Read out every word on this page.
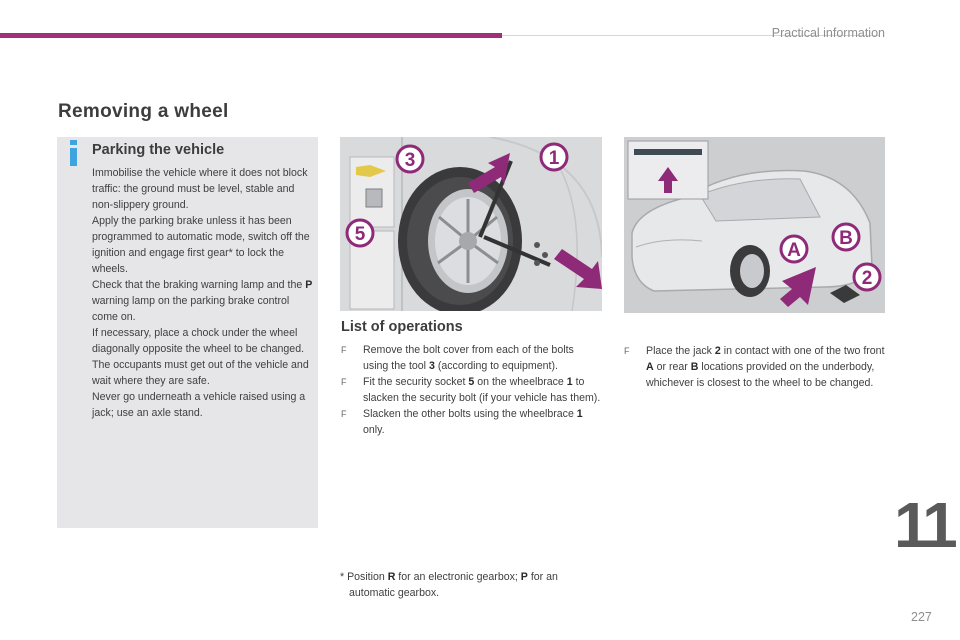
Practical information
Removing a wheel
Parking the vehicle

Immobilise the vehicle where it does not block traffic: the ground must be level, stable and non-slippery ground.

Apply the parking brake unless it has been programmed to automatic mode, switch off the ignition and engage first gear* to lock the wheels.

Check that the braking warning lamp and the P warning lamp on the parking brake control come on.

If necessary, place a chock under the wheel diagonally opposite the wheel to be changed.

The occupants must get out of the vehicle and wait where they are safe.

Never go underneath a vehicle raised using a jack; use an axle stand.

3	1
5
A
B
2
List of operations
F Remove the bolt cover from each of the bolts using the tool 3 (according to equipment).
F Fit the security socket 5 on the wheelbrace 1 to slacken the security bolt (if your vehicle has them).
F Slacken the other bolts using the wheelbrace 1 only.
F Place the jack 2 in contact with one of the two front A or rear B locations provided on the underbody, whichever is closest to the wheel to be changed.
* Position R for an electronic gearbox; P for an
automatic gearbox.
11
227
